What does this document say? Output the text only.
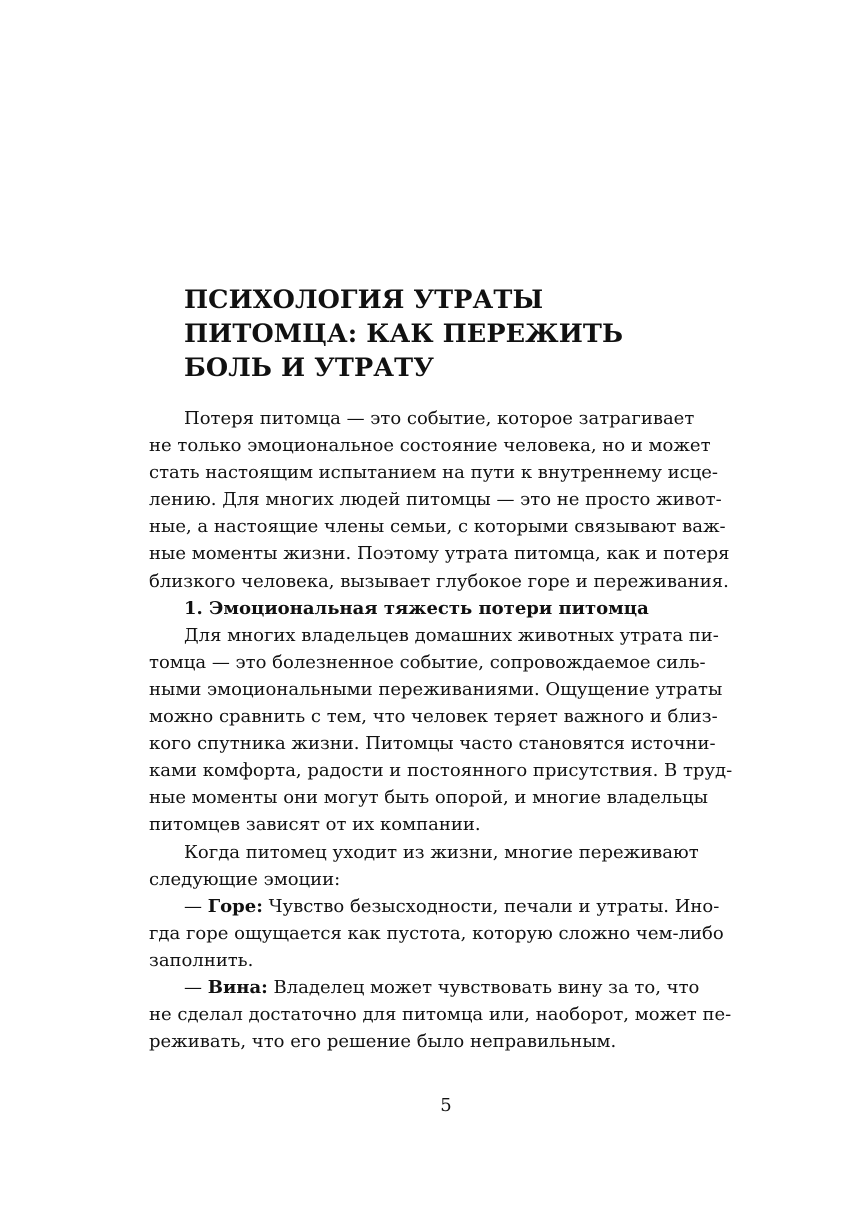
ПСИХОЛОГИЯ УТРАТЫ
ПИТОМЦА: КАК ПЕРЕЖИТЬ
БОЛЬ И УТРАТУ
Потеря питомца — это событие, которое затрагивает
не только эмоциональное состояние человека, но и может
стать настоящим испытанием на пути к внутреннему исце-
лению. Для многих людей питомцы — это не просто живот-
ные, а настоящие члены семьи, с которыми связывают важ-
ные моменты жизни. Поэтому утрата питомца, как и потеря
близкого человека, вызывает глубокое горе и переживания.
1. Эмоциональная тяжесть потери питомца
Для многих владельцев домашних животных утрата пи-
томца — это болезненное событие, сопровождаемое силь-
ными эмоциональными переживаниями. Ощущение утраты
можно сравнить с тем, что человек теряет важного и близ-
кого спутника жизни. Питомцы часто становятся источни-
ками комфорта, радости и постоянного присутствия. В труд-
ные моменты они могут быть опорой, и многие владельцы
питомцев зависят от их компании.
Когда питомец уходит из жизни, многие переживают
следующие эмоции:
— Горе: Чувство безысходности, печали и утраты. Ино-
гда горе ощущается как пустота, которую сложно чем-либо
заполнить.
— Вина: Владелец может чувствовать вину за то, что
не сделал достаточно для питомца или, наоборот, может пе-
реживать, что его решение было неправильным.
5
